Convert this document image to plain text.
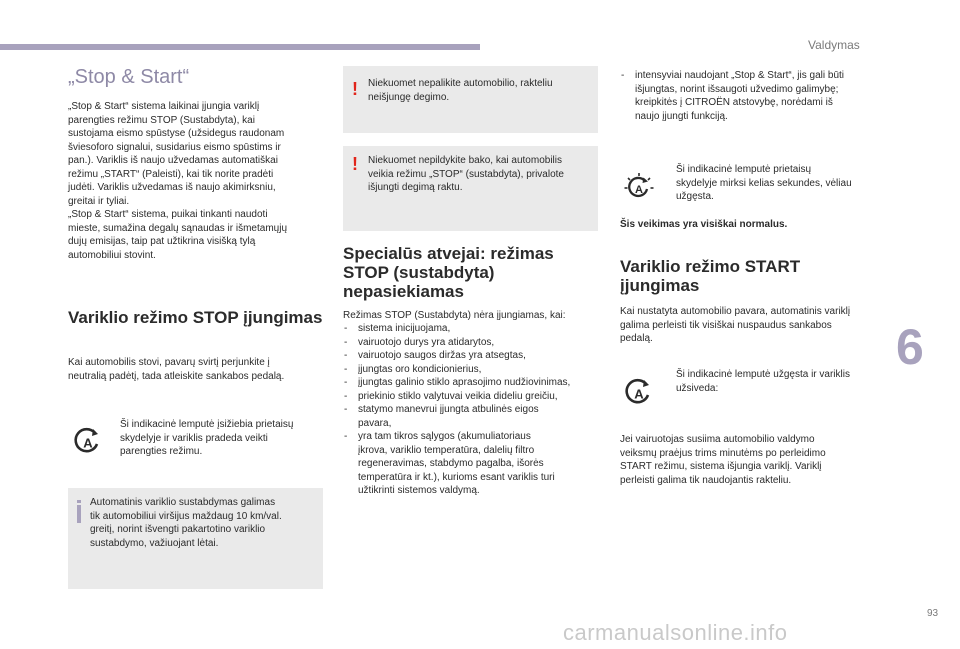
Valdymas
6
93
carmanualsonline.info
„Stop & Start“

„Stop & Start“ sistema laikinai įjungia variklį
parengties režimu STOP (Sustabdyta), kai
sustojama eismo spūstyse (užsidegus raudonam
šviesoforo signalui, susidarius eismo spūstims ir
pan.). Variklis iš naujo užvedamas automatiškai
režimu „START“ (Paleisti), kai tik norite pradėti
judėti. Variklis užvedamas iš naujo akimirksniu,
greitai ir tyliai.
„Stop & Start“ sistema, puikai tinkanti naudoti
mieste, sumažina degalų sąnaudas ir išmetamųjų
dujų emisijas, taip pat užtikrina visišką tylą
automobiliui stovint.

Variklio režimo STOP įjungimas

Kai automobilis stovi, pavarų svirtį perjunkite į
neutralią padėtį, tada atleiskite sankabos pedalą.

A

Ši indikacinė lemputė įsižiebia prietaisų
skydelyje ir variklis pradeda veikti
parengties režimu.

Automatinis variklio sustabdymas galimas
tik automobiliui viršijus maždaug 10 km/val.
greitį, norint išvengti pakartotino variklio
sustabdymo, važiuojant lėtai.

! Niekuomet nepalikite automobilio, rakteliu
neišjungę degimo.

! Niekuomet nepildykite bako, kai automobilis
veikia režimu „STOP“ (sustabdyta), privalote
išjungti degimą raktu.

Specialūs atvejai: režimas STOP (sustabdyta) nepasiekiamas

Režimas STOP (Sustabdyta) nėra įjungiamas, kai:

- sistema inicijuojama,
- vairuotojo durys yra atidarytos,
- vairuotojo saugos diržas yra atsegtas,
- įjungtas oro kondicionierius,
- įjungtas galinio stiklo aprasojimo nudžiovinimas,
- priekinio stiklo valytuvai veikia dideliu greičiu,
- statymo manevrui įjungta atbulinės eigos
pavara,
- yra tam tikros sąlygos (akumuliatoriaus
įkrova, variklio temperatūra, dalelių filtro
regeneravimas, stabdymo pagalba, išorės
temperatūra ir kt.), kurioms esant variklis turi
užtikrinti sistemos valdymą.
- intensyviai naudojant „Stop & Start“, jis gali būti
išjungtas, norint išsaugoti užvedimo galimybę;
kreipkitės į CITROËN atstovybę, norėdami iš
naujo įjungti funkciją.
A

Ši indikacinė lemputė prietaisų
skydelyje mirksi kelias sekundes, vėliau
užgęsta.

Šis veikimas yra visiškai normalus.

Variklio režimo START įjungimas

Kai nustatyta automobilio pavara, automatinis variklį
galima perleisti tik visiškai nuspaudus sankabos
pedalą.

A

Ši indikacinė lemputė užgęsta ir variklis
užsiveda:

Jei vairuotojas susiima automobilio valdymo
veiksmų praėjus trims minutėms po perleidimo
START režimu, sistema išjungia variklį. Variklį
perleisti galima tik naudojantis rakteliu.
